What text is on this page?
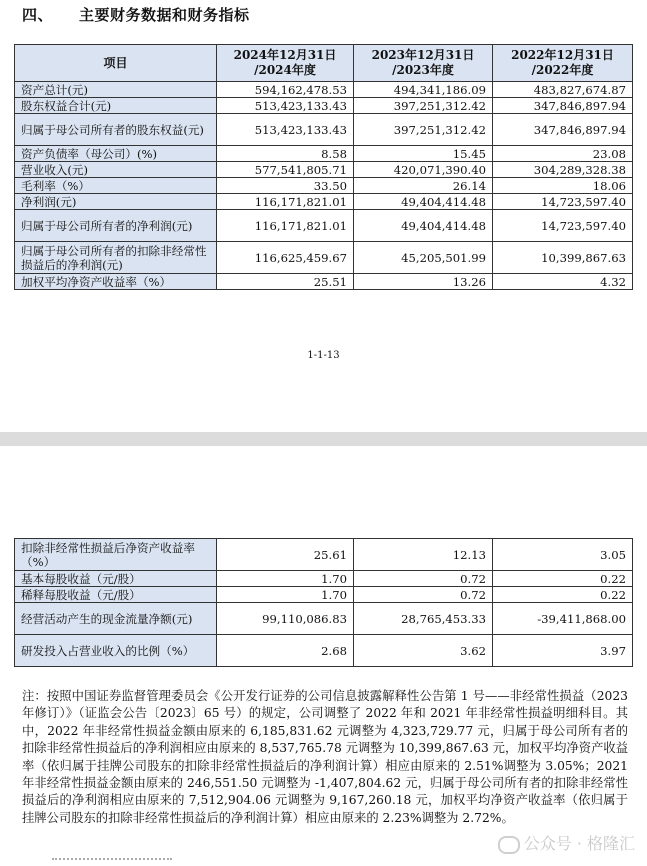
四、 主要财务数据和财务指标
项目	2024年12月31日 /2024年度	2023年12月31日 /2023年度	2022年12月31日 /2022年度
资产总计(元)	594,162,478.53	494,341,186.09	483,827,674.87
股东权益合计(元)	513,423,133.43	397,251,312.42	347,846,897.94
归属于母公司所有者的股东权益(元)	513,423,133.43	397,251,312.42	347,846,897.94
资产负债率（母公司）(%)	8.58	15.45	23.08
营业收入(元)	577,541,805.71	420,071,390.40	304,289,328.38
毛利率（%）	33.50	26.14	18.06
净利润(元)	116,171,821.01	49,404,414.48	14,723,597.40
归属于母公司所有者的净利润(元)	116,171,821.01	49,404,414.48	14,723,597.40
归属于母公司所有者的扣除非经常性损益后的净利润(元)	116,625,459.67	45,205,501.99	10,399,867.63
加权平均净资产收益率（%）	25.51	13.26	4.32
1-1-13
扣除非经常性损益后净资产收益率（%）	25.61	12.13	3.05
基本每股收益（元/股）	1.70	0.72	0.22
稀释每股收益（元/股）	1.70	0.72	0.22
经营活动产生的现金流量净额(元)	99,110,086.83	28,765,453.33	-39,411,868.00
研发投入占营业收入的比例（%）	2.68	3.62	3.97
注：按照中国证券监督管理委员会《公开发行证券的公司信息披露解释性公告第 1 号——非经常性损益（2023 年修订）》（证监会公告〔2023〕65 号）的规定，公司调整了 2022 年和 2021 年非经常性损益明细科目。其中，2022 年非经常性损益金额由原来的 6,185,831.62 元调整为 4,323,729.77 元，归属于母公司所有者的扣除非经常性损益后的净利润相应由原来的 8,537,765.78 元调整为 10,399,867.63 元，加权平均净资产收益率（依归属于挂牌公司股东的扣除非经常性损益后的净利润计算）相应由原来的 2.51%调整为 3.05%；2021 年非经常性损益金额由原来的 246,551.50 元调整为 -1,407,804.62 元，归属于母公司所有者的扣除非经常性损益后的净利润相应由原来的 7,512,904.06 元调整为 9,167,260.18 元，加权平均净资产收益率（依归属于挂牌公司股东的扣除非经常性损益后的净利润计算）相应由原来的 2.23%调整为 2.72%。
公众号 · 格隆汇
